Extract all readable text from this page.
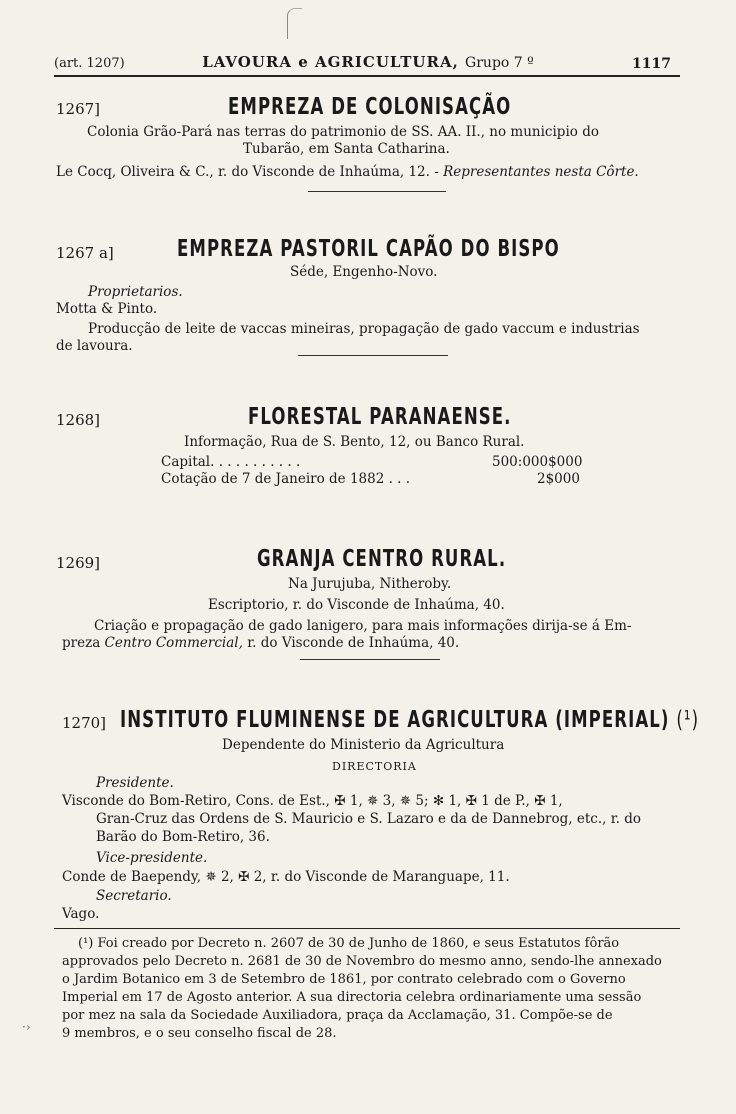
(art. 1207)	LAVOURA e AGRICULTURA, Grupo 7 º	1117
1267]	EMPREZA DE COLONISAÇÃO
Colonia Grão-Pará nas terras do patrimonio de SS. AA. II., no municipio do
Tubarão, em Santa Catharina.
Le Cocq, Oliveira & C., r. do Visconde de Inhaúma, 12. - Representantes nesta Côrte.
1267 a]	EMPREZA PASTORIL CAPÃO DO BISPO
Séde, Engenho-Novo.
Proprietarios.
Motta & Pinto.
Producção de leite de vaccas mineiras, propagação de gado vaccum e industrias
de lavoura.
1268]	FLORESTAL PARANAENSE.
Informação, Rua de S. Bento, 12, ou Banco Rural.
Capital. . . . . . . . . . .	500:000$000
Cotação de 7 de Janeiro de 1882 . . .	2$000
1269]	GRANJA CENTRO RURAL.
Na Jurujuba, Nitheroby.
Escriptorio, r. do Visconde de Inhaúma, 40.
Criação e propagação de gado lanigero, para mais informações dirija-se á Em-
preza Centro Commercial, r. do Visconde de Inhaúma, 40.
1270] INSTITUTO FLUMINENSE DE AGRICULTURA (IMPERIAL) (¹)
Dependente do Ministerio da Agricultura
DIRECTORIA
Presidente.
Visconde do Bom-Retiro, Cons. de Est., ✠ 1, ✵ 3, ✵ 5; ✻ 1, ✠ 1 de P., ✠ 1,
Gran-Cruz das Ordens de S. Mauricio e S. Lazaro e da de Dannebrog, etc., r. do
Barão do Bom-Retiro, 36.
Vice-presidente.
Conde de Baependy, ✵ 2, ✠ 2, r. do Visconde de Maranguape, 11.
Secretario.
Vago.
(¹) Foi creado por Decreto n. 2607 de 30 de Junho de 1860, e seus Estatutos fôrão
approvados pelo Decreto n. 2681 de 30 de Novembro do mesmo anno, sendo-lhe annexado
o Jardim Botanico em 3 de Setembro de 1861, por contrato celebrado com o Governo
Imperial em 17 de Agosto anterior. A sua directoria celebra ordinariamente uma sessão
por mez na sala da Sociedade Auxiliadora, praça da Acclamação, 31. Compõe-se de
9 membros, e o seu conselho fiscal de 28.
·›
